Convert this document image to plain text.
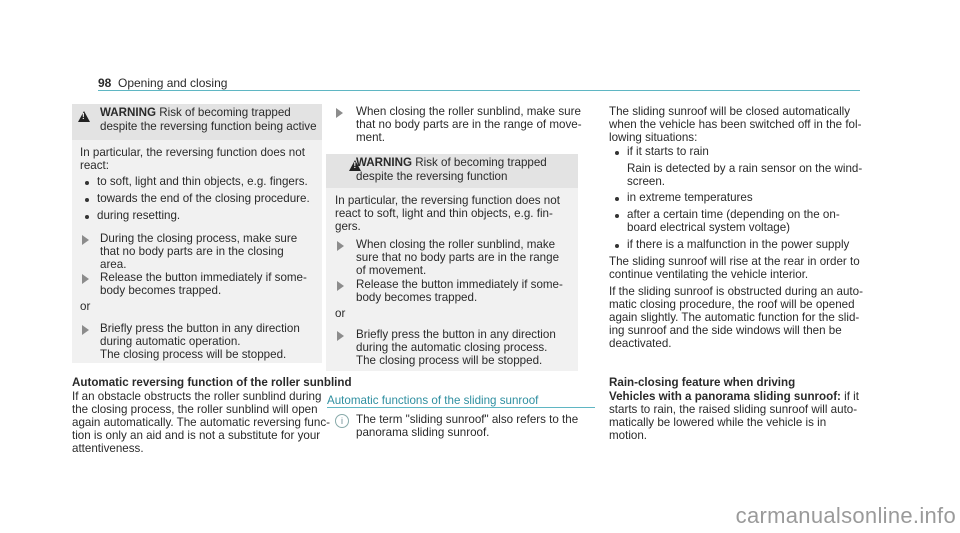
98 Opening and closing
!
WARNING Risk of becoming trapped
despite the reversing function being active
In particular, the reversing function does not
react:
to soft, light and thin objects, e.g. fingers.
towards the end of the closing procedure.
during resetting.
During the closing process, make sure
that no body parts are in the closing
area.
Release the button immediately if some-
body becomes trapped.
or
Briefly press the button in any direction
during automatic operation.
The closing process will be stopped.
Automatic reversing function of the roller sunblind
If an obstacle obstructs the roller sunblind during
the closing process, the roller sunblind will open
again automatically. The automatic reversing func-
tion is only an aid and is not a substitute for your
attentiveness.
When closing the roller sunblind, make sure
that no body parts are in the range of move-
ment.
!
WARNING Risk of becoming trapped
despite the reversing function
In particular, the reversing function does not
react to soft, light and thin objects, e.g. fin-
gers.
When closing the roller sunblind, make
sure that no body parts are in the range
of movement.
Release the button immediately if some-
body becomes trapped.
or
Briefly press the button in any direction
during the automatic closing process.
The closing process will be stopped.
Automatic functions of the sliding sunroof
i	The term "sliding sunroof" also refers to the
panorama sliding sunroof.
The sliding sunroof will be closed automatically
when the vehicle has been switched off in the fol-
lowing situations:
if it starts to rain
Rain is detected by a rain sensor on the wind-
screen.
in extreme temperatures
after a certain time (depending on the on-
board electrical system voltage)
if there is a malfunction in the power supply
The sliding sunroof will rise at the rear in order to
continue ventilating the vehicle interior.
If the sliding sunroof is obstructed during an auto-
matic closing procedure, the roof will be opened
again slightly. The automatic function for the slid-
ing sunroof and the side windows will then be
deactivated.
Rain-closing feature when driving
Vehicles with a panorama sliding sunroof: if it
starts to rain, the raised sliding sunroof will auto-
matically be lowered while the vehicle is in
motion.
carmanualsonline.info
